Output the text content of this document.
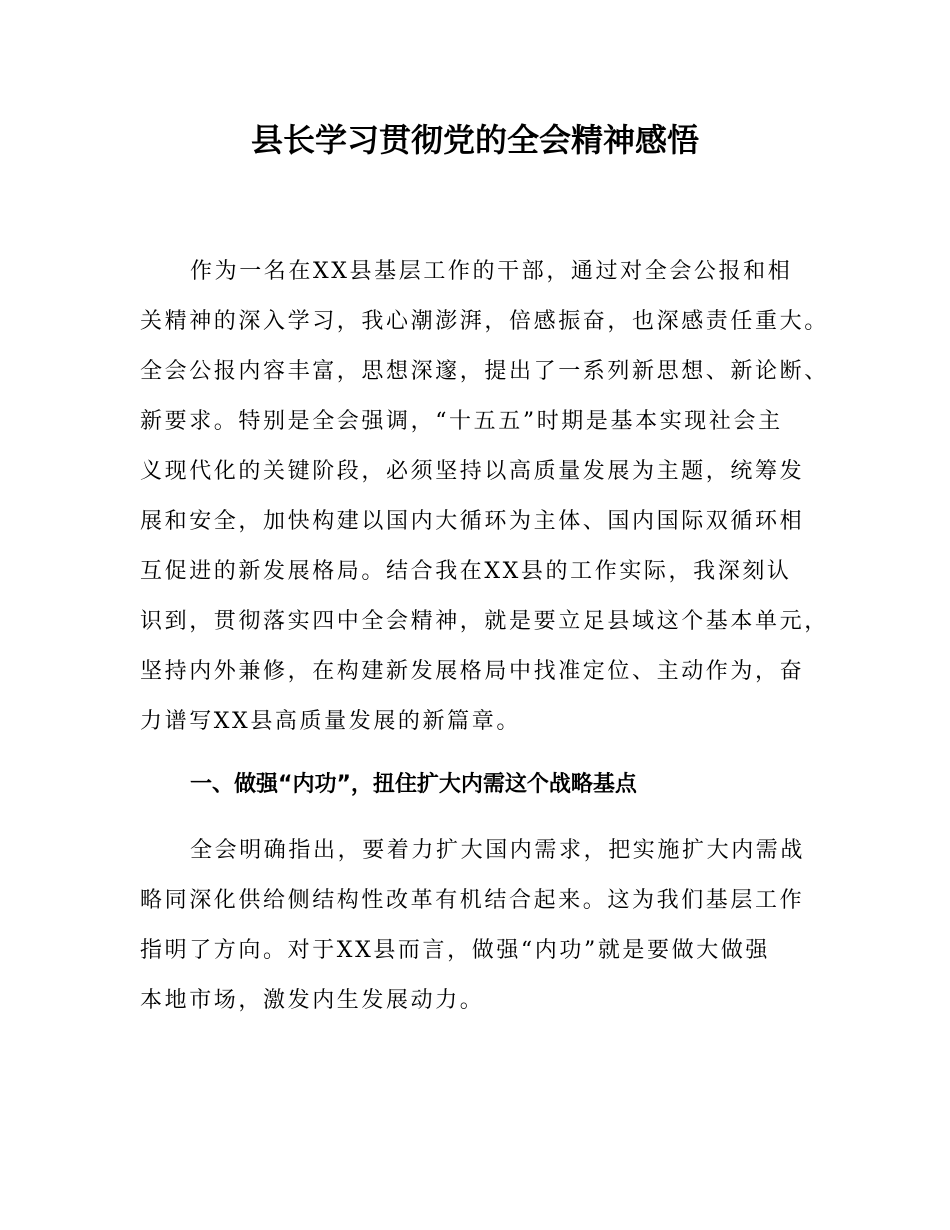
县长学习贯彻党的全会精神感悟
作为一名在XX县基层工作的干部，通过对全会公报和相
关精神的深入学习，我心潮澎湃，倍感振奋，也深感责任重大。
全会公报内容丰富，思想深邃，提出了一系列新思想、新论断、
新要求。特别是全会强调，“十五五”时期是基本实现社会主
义现代化的关键阶段，必须坚持以高质量发展为主题，统筹发
展和安全，加快构建以国内大循环为主体、国内国际双循环相
互促进的新发展格局。结合我在XX县的工作实际，我深刻认
识到，贯彻落实四中全会精神，就是要立足县域这个基本单元，
坚持内外兼修，在构建新发展格局中找准定位、主动作为，奋
力谱写XX县高质量发展的新篇章。
一、做强“内功”，扭住扩大内需这个战略基点
全会明确指出，要着力扩大国内需求，把实施扩大内需战
略同深化供给侧结构性改革有机结合起来。这为我们基层工作
指明了方向。对于XX县而言，做强“内功”就是要做大做强
本地市场，激发内生发展动力。
